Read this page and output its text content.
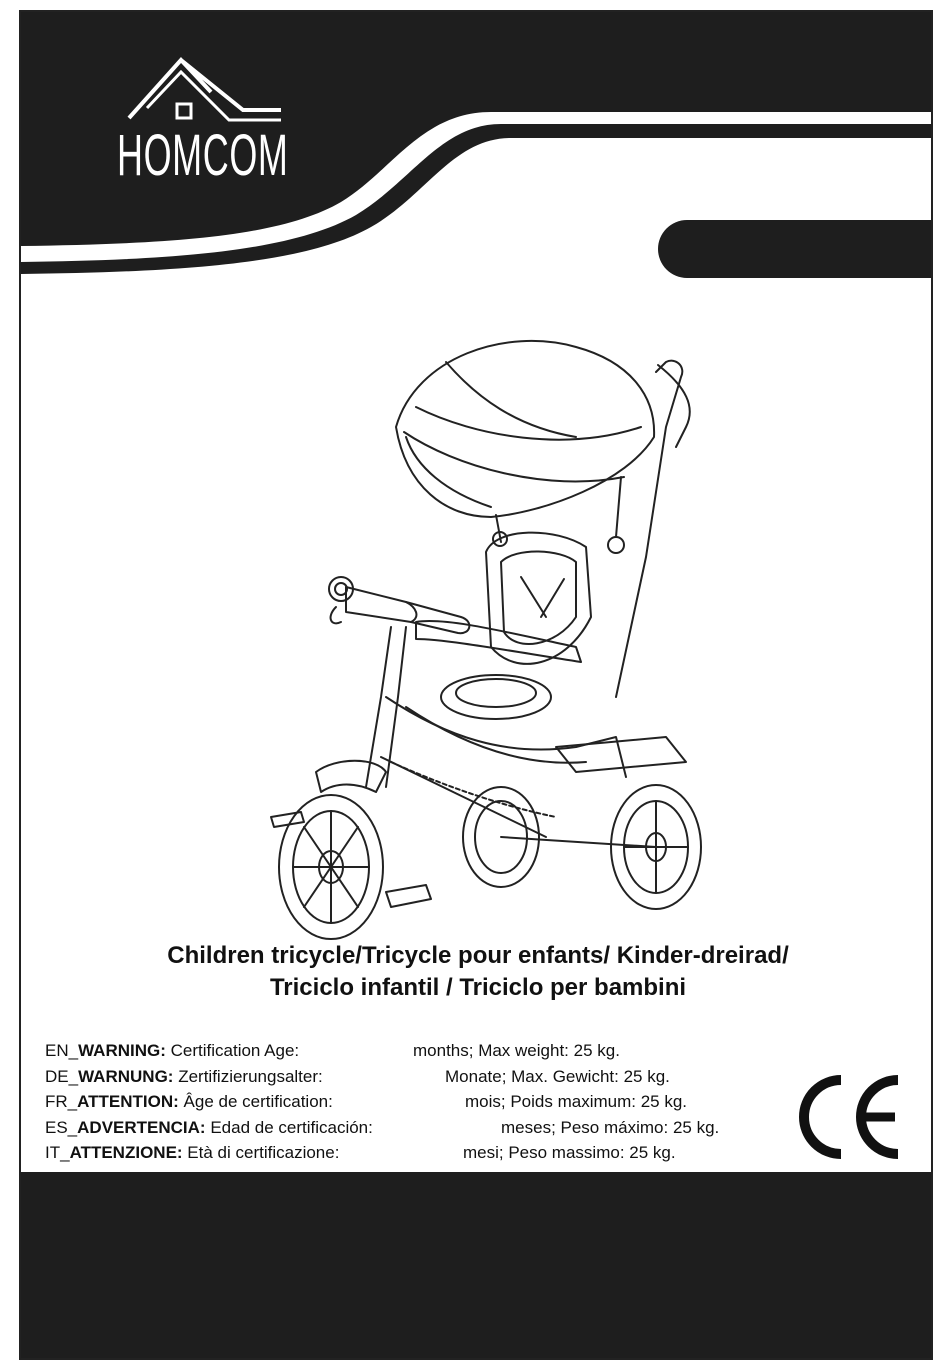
HOMCOM
Children tricycle/Tricycle pour enfants/ Kinder-dreirad/
Triciclo infantil / Triciclo per bambini
EN_WARNING: Certification Age:	months; Max weight: 25 kg.
DE_WARNUNG: Zertifizierungsalter:	Monate; Max. Gewicht: 25 kg.
FR_ATTENTION: Âge de certification:	mois; Poids maximum: 25 kg.
ES_ADVERTENCIA: Edad de certificación:	meses; Peso máximo: 25 kg.
IT_ATTENZIONE: Età di certificazione:	mesi; Peso massimo: 25 kg.
